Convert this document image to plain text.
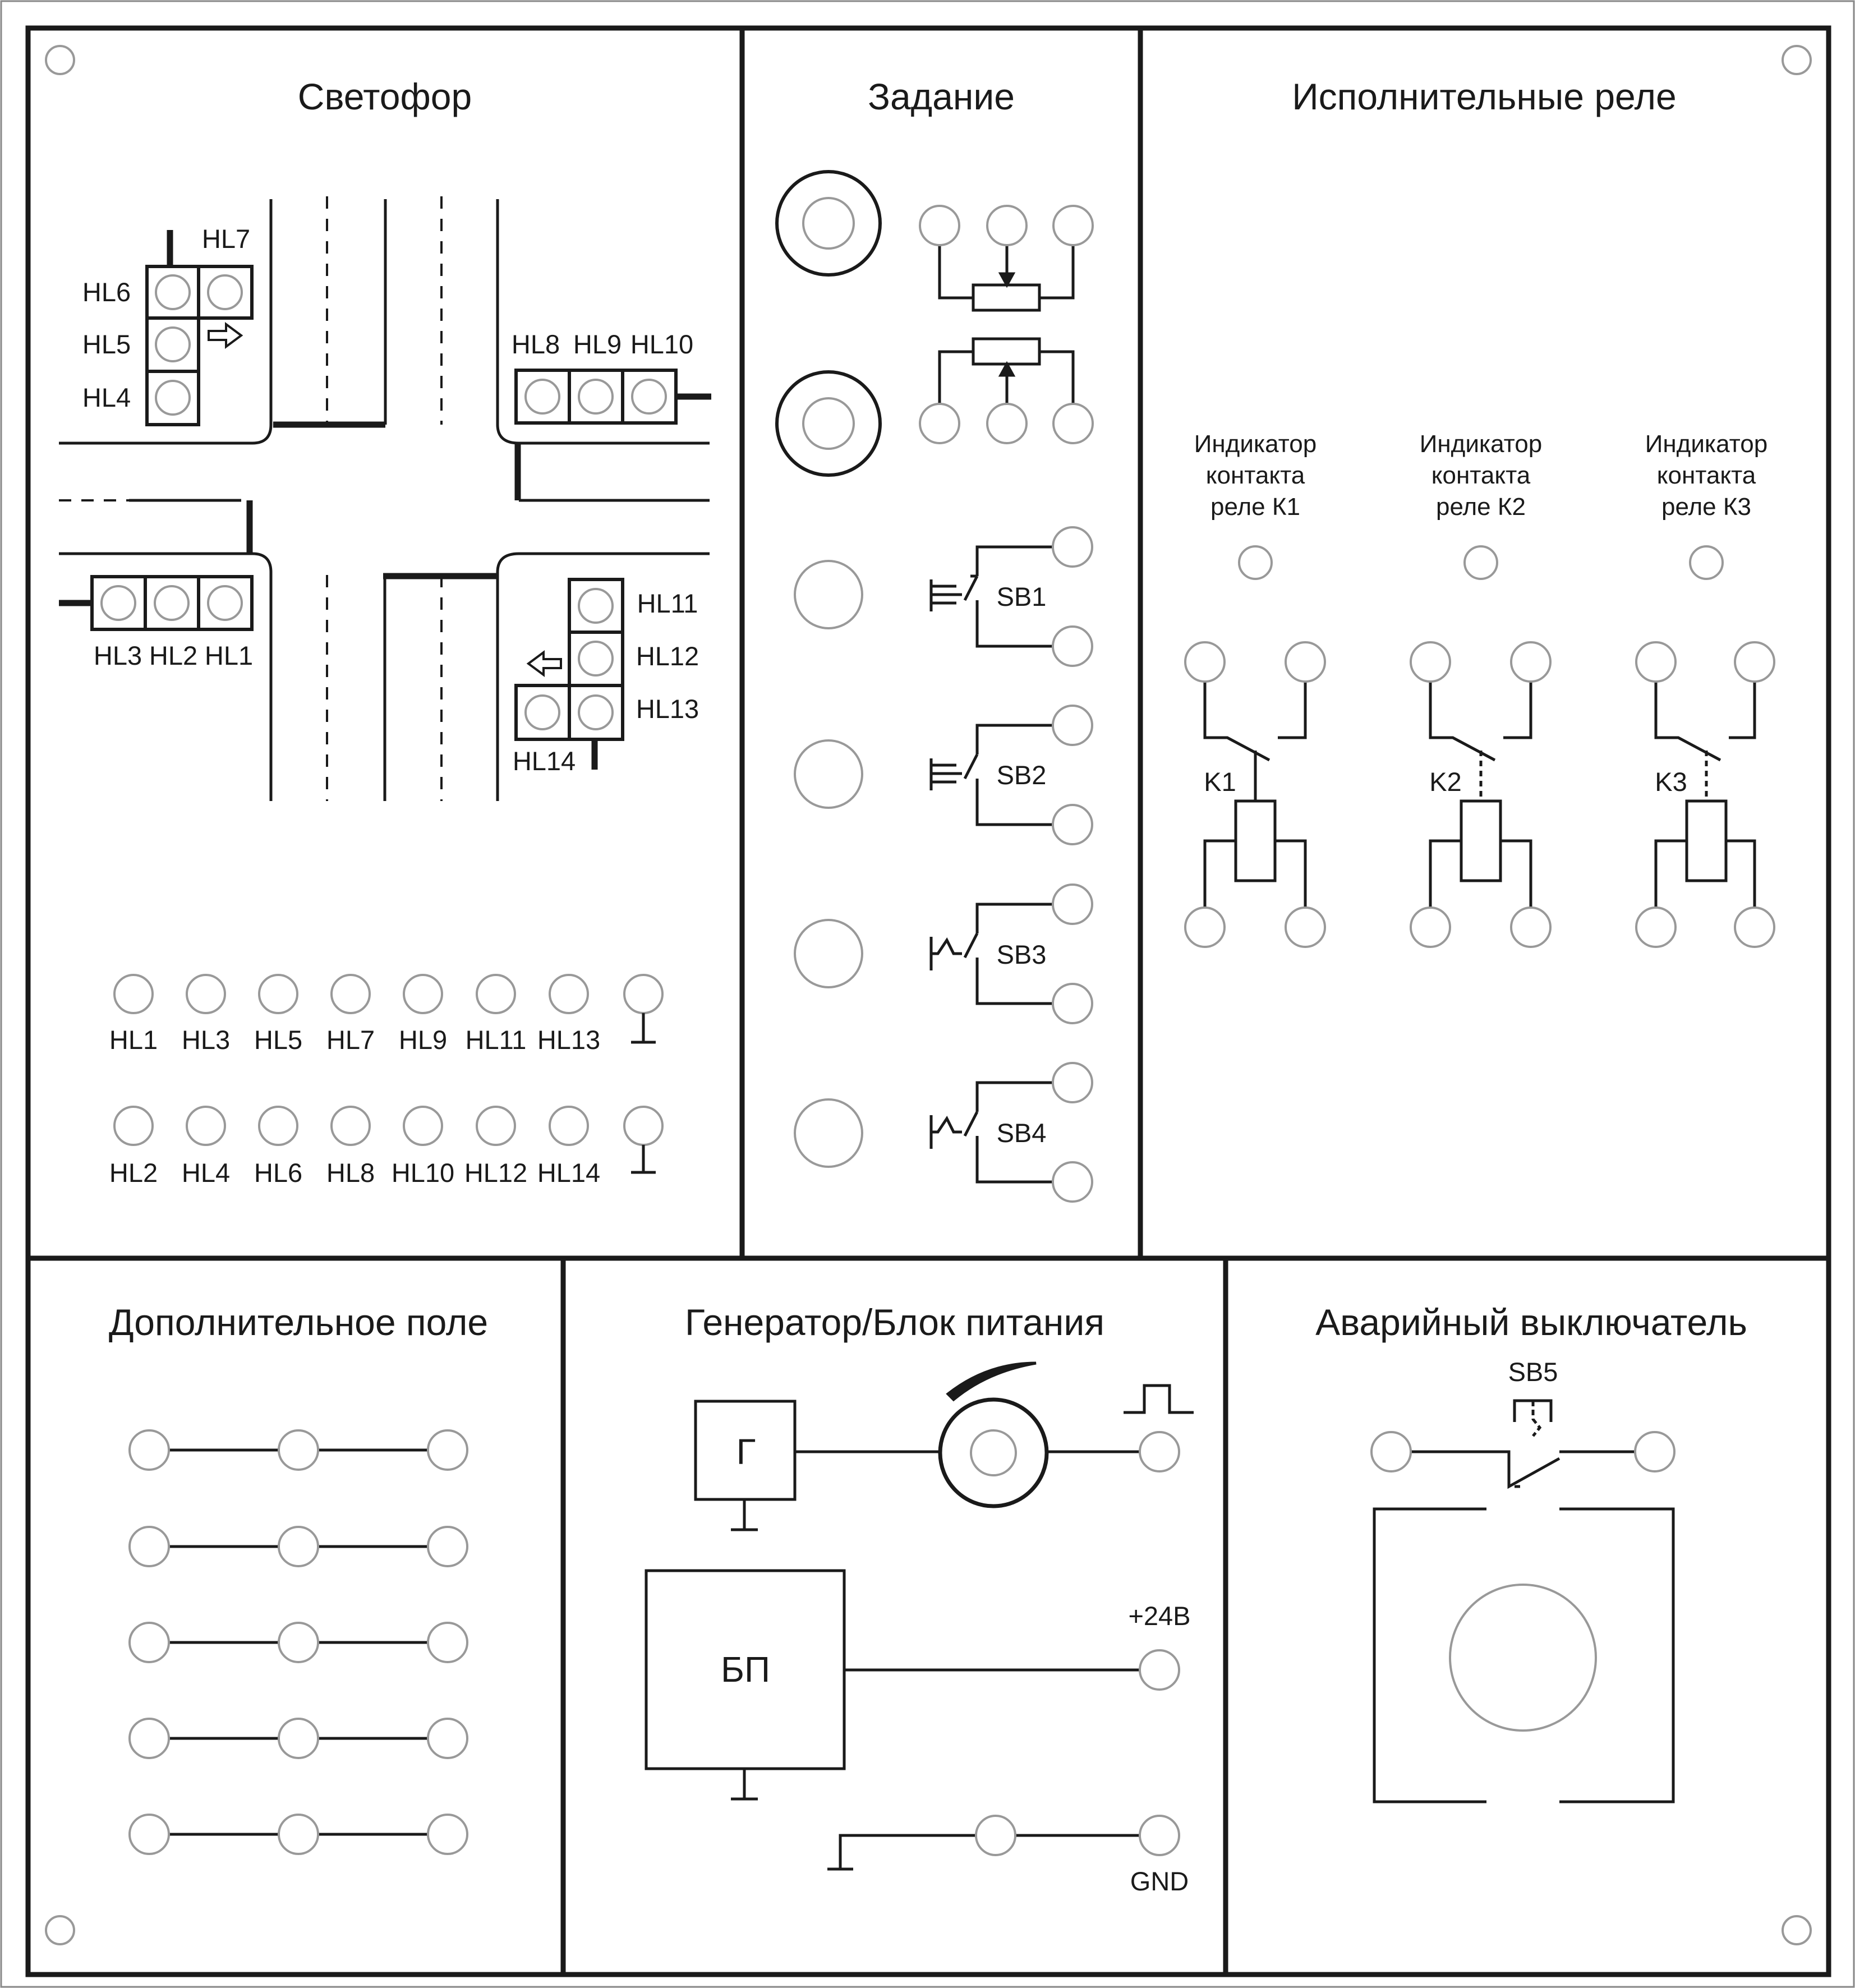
Светофор
HL7
HL6
HL5
HL4
HL8 HL9 HL10
HL3 HL2 HL1
HL11
HL12
HL13
HL14
HL1 HL3 HL5 HL7 HL9 HL11 HL13
HL2 HL4 HL6 HL8 HL10 HL12 HL14
Задание
SB1
SB2
SB3
SB4
Исполнительные реле
Индикатор
контакта
реле К1
K1
Индикатор
контакта
реле К2
K2
Индикатор
контакта
реле К3
K3
Дополнительное поле	Генератор/Блок питания
Г
БП
+24В
GND
Аварийный выключатель
SB5
